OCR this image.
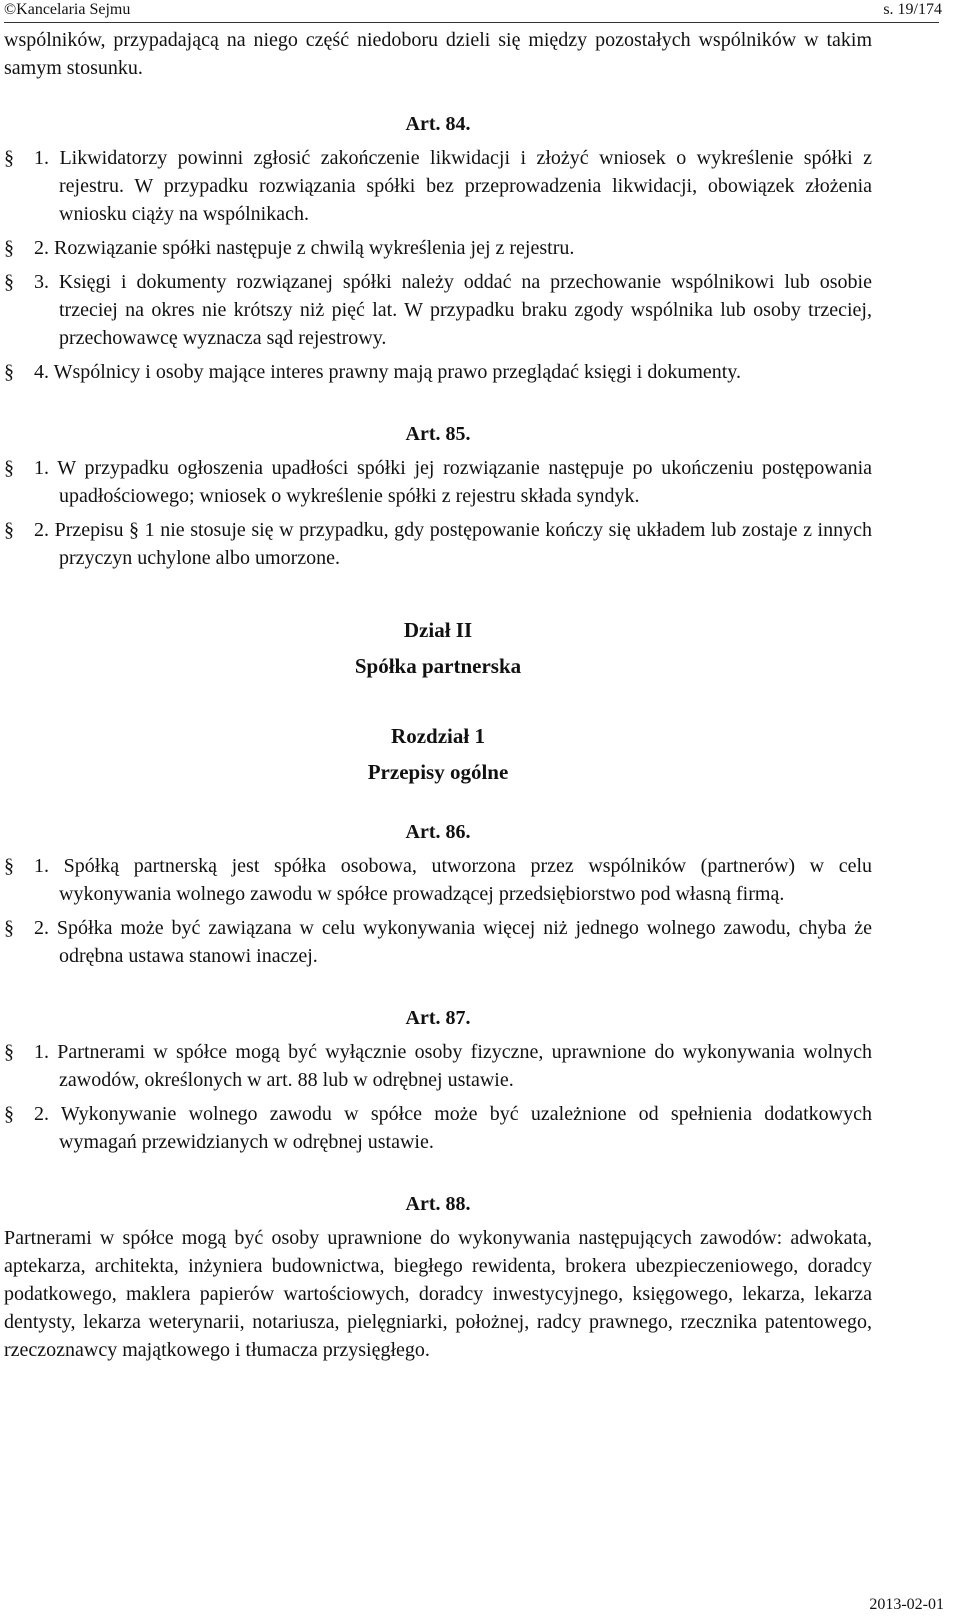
©Kancelaria Sejmu	s. 19/174

wspólników, przypadającą na niego część niedoboru dzieli się między pozostałych wspólników w takim samym stosunku.

Art. 84.

§ 1. Likwidatorzy powinni zgłosić zakończenie likwidacji i złożyć wniosek o wykreślenie spółki z rejestru. W przypadku rozwiązania spółki bez przeprowadzenia likwidacji, obowiązek złożenia wniosku ciąży na wspólnikach.

§ 2. Rozwiązanie spółki następuje z chwilą wykreślenia jej z rejestru.

§ 3. Księgi i dokumenty rozwiązanej spółki należy oddać na przechowanie wspólnikowi lub osobie trzeciej na okres nie krótszy niż pięć lat. W przypadku braku zgody wspólnika lub osoby trzeciej, przechowawcę wyznacza sąd rejestrowy.

§ 4. Wspólnicy i osoby mające interes prawny mają prawo przeglądać księgi i dokumenty.

Art. 85.

§ 1. W przypadku ogłoszenia upadłości spółki jej rozwiązanie następuje po ukończeniu postępowania upadłościowego; wniosek o wykreślenie spółki z rejestru składa syndyk.

§ 2. Przepisu § 1 nie stosuje się w przypadku, gdy postępowanie kończy się układem lub zostaje z innych przyczyn uchylone albo umorzone.

Dział II

Spółka partnerska

Rozdział 1

Przepisy ogólne

Art. 86.

§ 1. Spółką partnerską jest spółka osobowa, utworzona przez wspólników (partnerów) w celu wykonywania wolnego zawodu w spółce prowadzącej przedsiębiorstwo pod własną firmą.

§ 2. Spółka może być zawiązana w celu wykonywania więcej niż jednego wolnego zawodu, chyba że odrębna ustawa stanowi inaczej.

Art. 87.

§ 1. Partnerami w spółce mogą być wyłącznie osoby fizyczne, uprawnione do wykonywania wolnych zawodów, określonych w art. 88 lub w odrębnej ustawie.

§ 2. Wykonywanie wolnego zawodu w spółce może być uzależnione od spełnienia dodatkowych wymagań przewidzianych w odrębnej ustawie.

Art. 88.

Partnerami w spółce mogą być osoby uprawnione do wykonywania następujących zawodów: adwokata, aptekarza, architekta, inżyniera budownictwa, biegłego rewidenta, brokera ubezpieczeniowego, doradcy podatkowego, maklera papierów wartościowych, doradcy inwestycyjnego, księgowego, lekarza, lekarza dentysty, lekarza weterynarii, notariusza, pielęgniarki, położnej, radcy prawnego, rzecznika patentowego, rzeczoznawcy majątkowego i tłumacza przysięgłego.

2013-02-01
